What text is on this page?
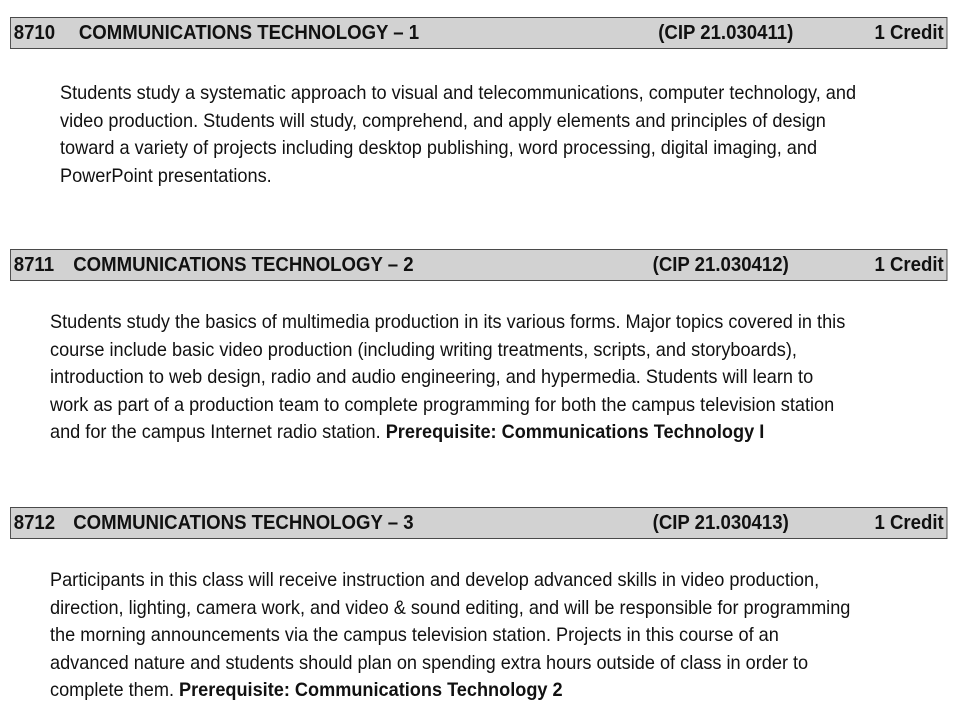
8710 COMMUNICATIONS TECHNOLOGY – 1	(CIP 21.030411)	1 Credit

Students study a systematic approach to visual and telecommunications, computer technology, and
video production. Students will study, comprehend, and apply elements and principles of design
toward a variety of projects including desktop publishing, word processing, digital imaging, and
PowerPoint presentations.

8711 COMMUNICATIONS TECHNOLOGY – 2	(CIP 21.030412)	1 Credit

Students study the basics of multimedia production in its various forms. Major topics covered in this
course include basic video production (including writing treatments, scripts, and storyboards),
introduction to web design, radio and audio engineering, and hypermedia. Students will learn to
work as part of a production team to complete programming for both the campus television station
and for the campus Internet radio station. Prerequisite: Communications Technology I

8712 COMMUNICATIONS TECHNOLOGY – 3	(CIP 21.030413)	1 Credit

Participants in this class will receive instruction and develop advanced skills in video production,
direction, lighting, camera work, and video & sound editing, and will be responsible for programming
the morning announcements via the campus television station. Projects in this course of an
advanced nature and students should plan on spending extra hours outside of class in order to
complete them. Prerequisite: Communications Technology 2
